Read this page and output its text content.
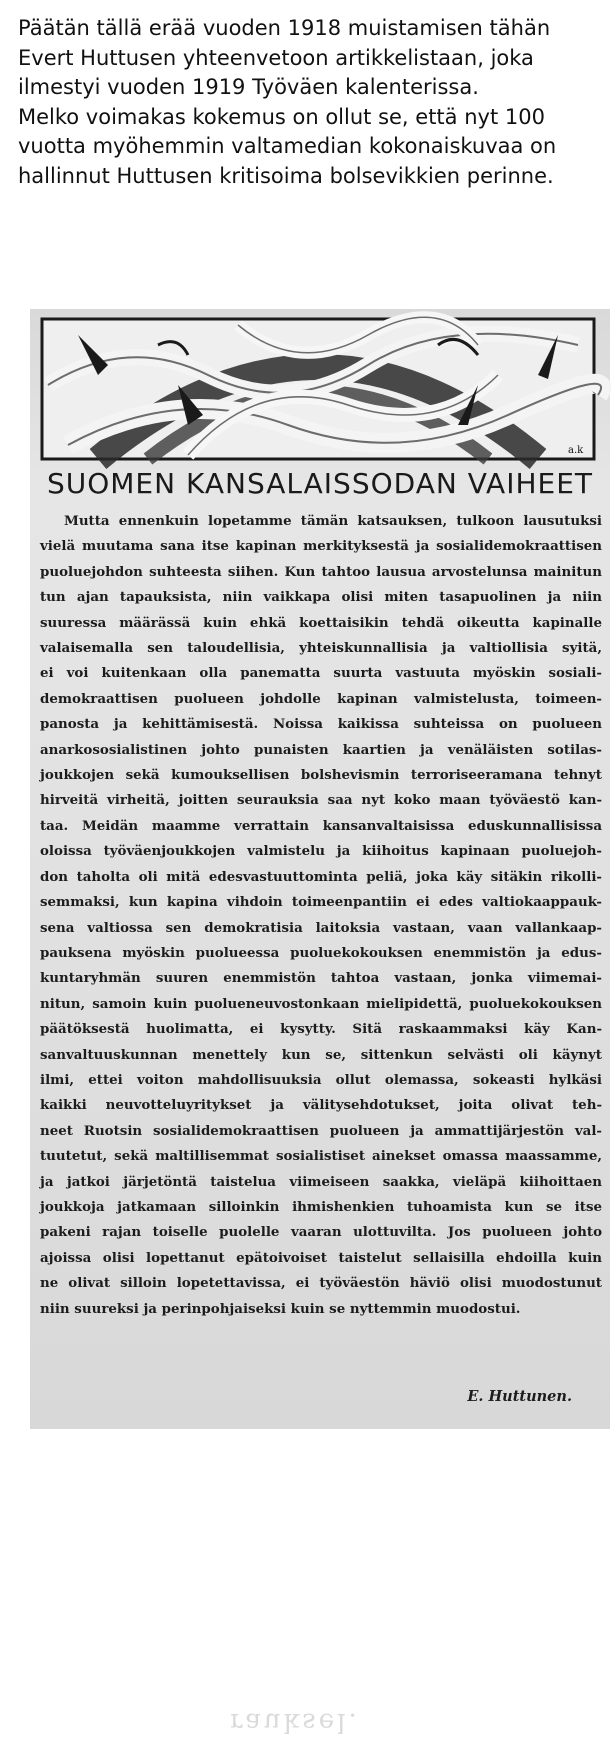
Päätän tällä erää vuoden 1918 muistamisen tähän Evert Huttusen yhteenvetoon artikkelistaan, joka ilmestyi vuoden 1919 Työväen kalenterissa.

Melko voimakas kokemus on ollut se, että nyt 100 vuotta myöhemmin valtamedian kokonaiskuvaa on hallinnut Huttusen kritisoima bolsevikkien perinne.

a.k
SUOMEN KANSALAISSODAN VAIHEET
Mutta ennenkuin lopetamme tämän katsauksen, tulkoon lausutuksi
vielä muutama sana itse kapinan merkityksestä ja sosialidemokraattisen
puoluejohdon suhteesta siihen. Kun tahtoo lausua arvostelunsa mainitun
tun ajan tapauksista, niin vaikkapa olisi miten tasapuolinen ja niin
suuressa määrässä kuin ehkä koettaisikin tehdä oikeutta kapinalle
valaisemalla sen taloudellisia, yhteiskunnallisia ja valtiollisia syitä,
ei voi kuitenkaan olla panematta suurta vastuuta myöskin sosiali-
demokraattisen puolueen johdolle kapinan valmistelusta, toimeen-
panosta ja kehittämisestä. Noissa kaikissa suhteissa on puolueen
anarkososialistinen johto punaisten kaartien ja venäläisten sotilas-
joukkojen sekä kumouksellisen bolshevismin terroriseeramana tehnyt
hirveitä virheitä, joitten seurauksia saa nyt koko maan työväestö kan-
taa. Meidän maamme verrattain kansanvaltaisissa eduskunnallisissa
oloissa työväenjoukkojen valmistelu ja kiihoitus kapinaan puoluejoh-
don taholta oli mitä edesvastuuttominta peliä, joka käy sitäkin rikolli-
semmaksi, kun kapina vihdoin toimeenpantiin ei edes valtiokaappauk-
sena valtiossa sen demokratisia laitoksia vastaan, vaan vallankaap-
pauksena myöskin puolueessa puoluekokouksen enemmistön ja edus-
kuntaryhmän suuren enemmistön tahtoa vastaan, jonka viimemai-
nitun, samoin kuin puolueneuvostonkaan mielipidettä, puoluekokouksen
päätöksestä huolimatta, ei kysytty. Sitä raskaammaksi käy Kan-
sanvaltuuskunnan menettely kun se, sittenkun selvästi oli käynyt
ilmi, ettei voiton mahdollisuuksia ollut olemassa, sokeasti hylkäsi
kaikki neuvotteluyritykset ja välitysehdotukset, joita olivat teh-
neet Ruotsin sosialidemokraattisen puolueen ja ammattijärjestön val-
tuutetut, sekä maltillisemmat sosialistiset ainekset omassa maassamme,
ja jatkoi järjetöntä taistelua viimeiseen saakka, vieläpä kiihoittaen
joukkoja jatkamaan silloinkin ihmishenkien tuhoamista kun se itse
pakeni rajan toiselle puolelle vaaran ulottuvilta. Jos puolueen johto
ajoissa olisi lopettanut epätoivoiset taistelut sellaisilla ehdoilla kuin
ne olivat silloin lopetettavissa, ei työväestön häviö olisi muodostunut
niin suureksi ja perinpohjaiseksi kuin se nyttemmin muodostui.
rauksel.
E. Huttunen.
